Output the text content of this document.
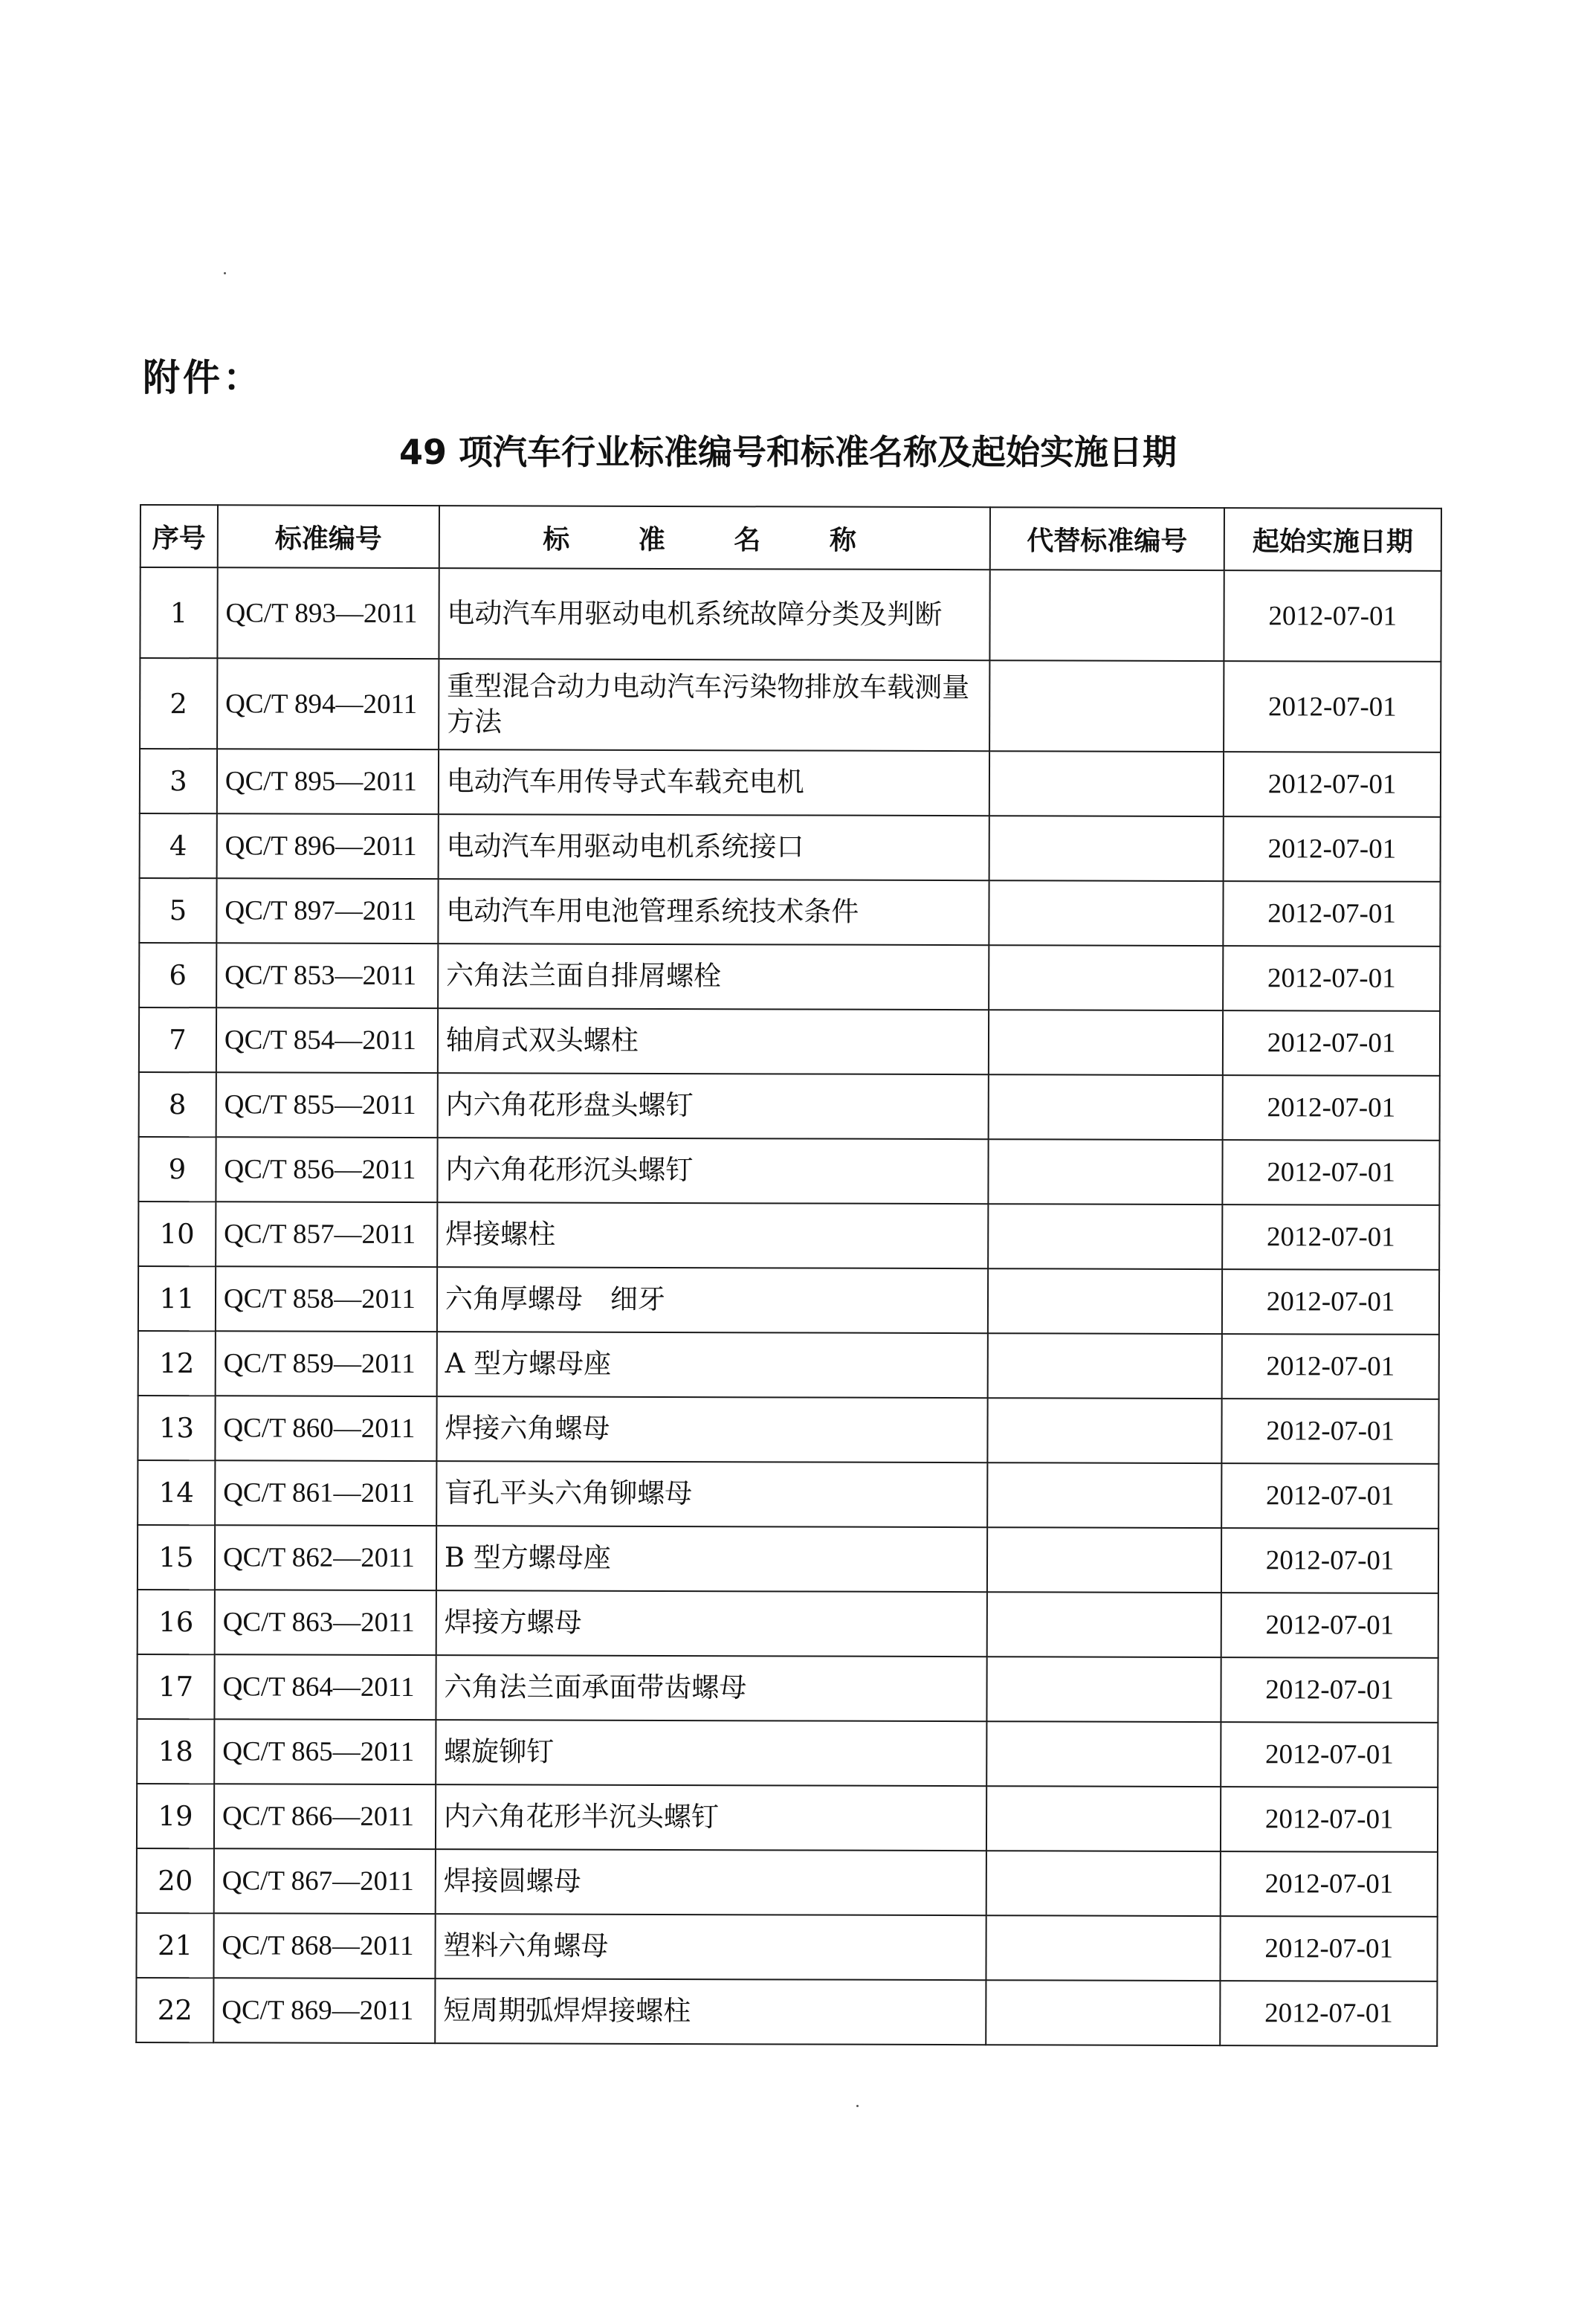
附件：
49 项汽车行业标准编号和标准名称及起始实施日期
序号	标准编号	标 准 名 称	代替标准编号	起始实施日期
1	QC/T 893—2011	电动汽车用驱动电机系统故障分类及判断		2012-07-01
2	QC/T 894—2011	重型混合动力电动汽车污染物排放车载测量方法		2012-07-01
3	QC/T 895—2011	电动汽车用传导式车载充电机		2012-07-01
4	QC/T 896—2011	电动汽车用驱动电机系统接口		2012-07-01
5	QC/T 897—2011	电动汽车用电池管理系统技术条件		2012-07-01
6	QC/T 853—2011	六角法兰面自排屑螺栓		2012-07-01
7	QC/T 854—2011	轴肩式双头螺柱		2012-07-01
8	QC/T 855—2011	内六角花形盘头螺钉		2012-07-01
9	QC/T 856—2011	内六角花形沉头螺钉		2012-07-01
10	QC/T 857—2011	焊接螺柱		2012-07-01
11	QC/T 858—2011	六角厚螺母　细牙		2012-07-01
12	QC/T 859—2011	A 型方螺母座		2012-07-01
13	QC/T 860—2011	焊接六角螺母		2012-07-01
14	QC/T 861—2011	盲孔平头六角铆螺母		2012-07-01
15	QC/T 862—2011	B 型方螺母座		2012-07-01
16	QC/T 863—2011	焊接方螺母		2012-07-01
17	QC/T 864—2011	六角法兰面承面带齿螺母		2012-07-01
18	QC/T 865—2011	螺旋铆钉		2012-07-01
19	QC/T 866—2011	内六角花形半沉头螺钉		2012-07-01
20	QC/T 867—2011	焊接圆螺母		2012-07-01
21	QC/T 868—2011	塑料六角螺母		2012-07-01
22	QC/T 869—2011	短周期弧焊焊接螺柱		2012-07-01
